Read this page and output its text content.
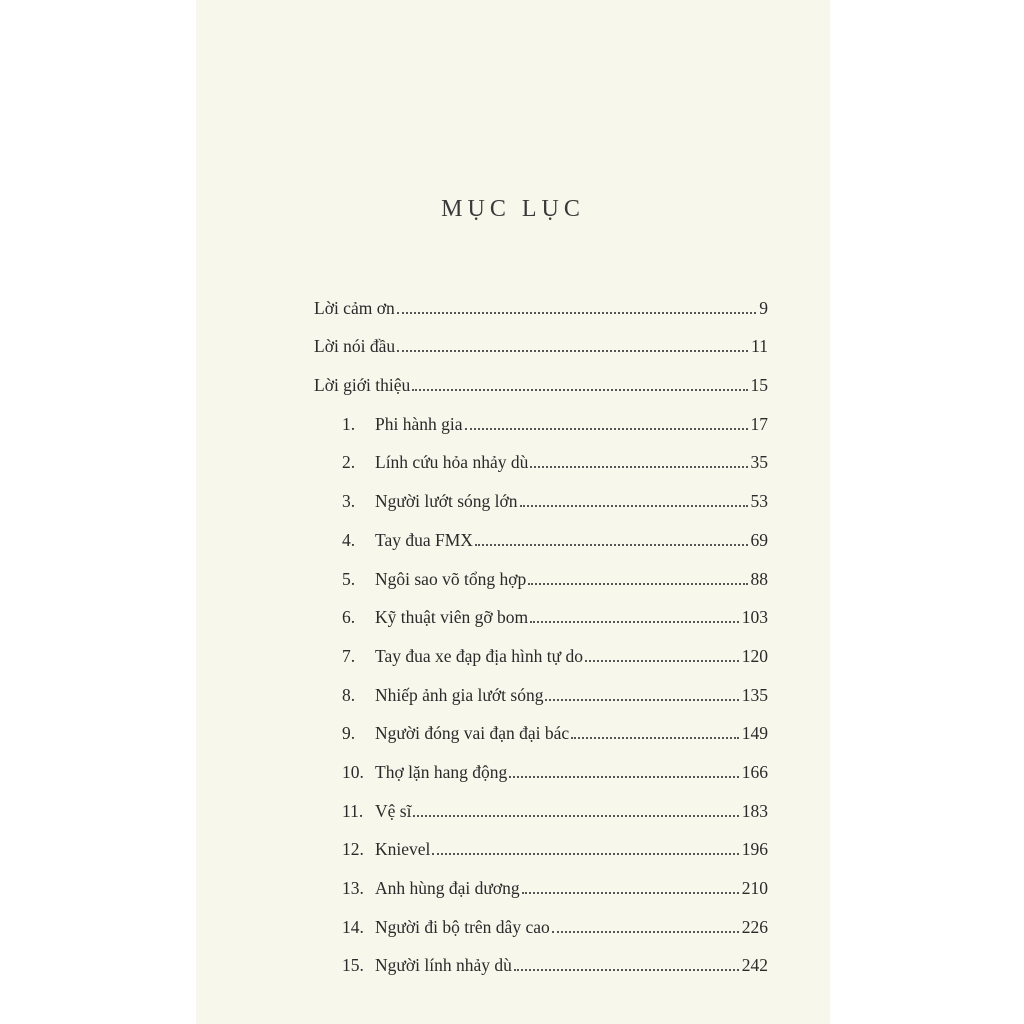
MỤC LỤC
Lời cảm ơn	9
Lời nói đầu	11
Lời giới thiệu	15
1.	Phi hành gia	17
2.	Lính cứu hỏa nhảy dù	35
3.	Người lướt sóng lớn	53
4.	Tay đua FMX	69
5.	Ngôi sao võ tổng hợp	88
6.	Kỹ thuật viên gỡ bom	103
7.	Tay đua xe đạp địa hình tự do	120
8.	Nhiếp ảnh gia lướt sóng	135
9.	Người đóng vai đạn đại bác	149
10. Thợ lặn hang động	166
11. Vệ sĩ	183
12. Knievel	196
13. Anh hùng đại dương	210
14. Người đi bộ trên dây cao	226
15. Người lính nhảy dù	242
